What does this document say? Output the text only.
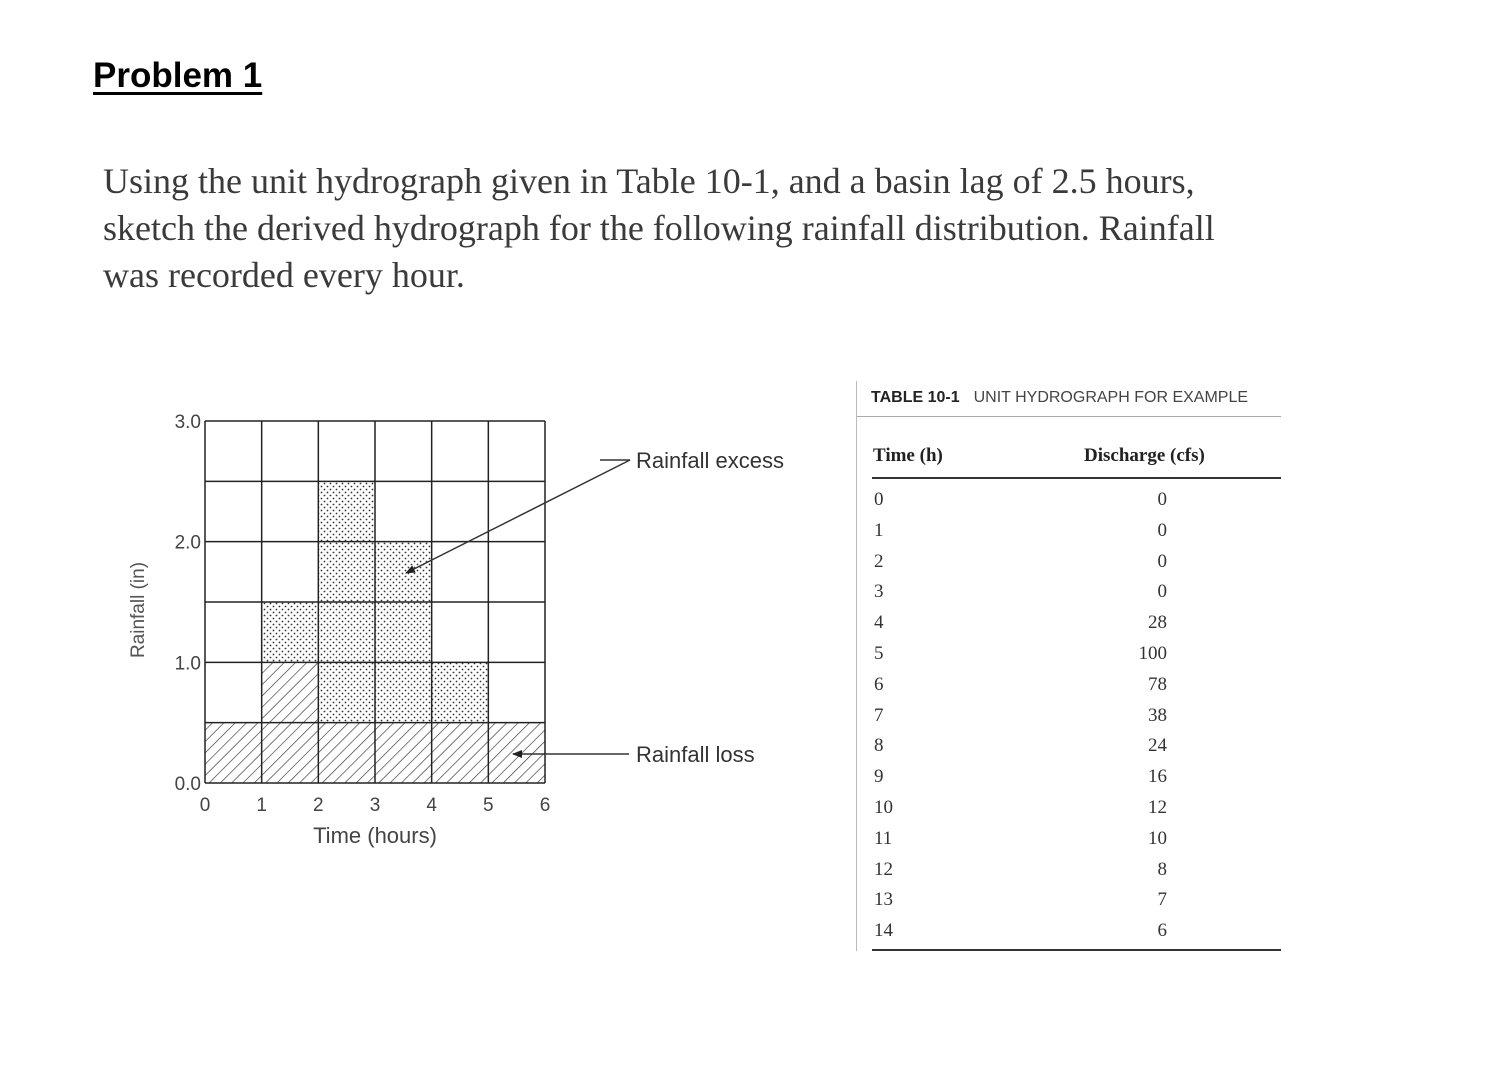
Problem 1
Using the unit hydrograph given in Table 10-1, and a basin lag of 2.5 hours,
sketch the derived hydrograph for the following rainfall distribution. Rainfall
was recorded every hour.
0.0
1.0
2.0
3.0
0 1 2 3 4 5 6
Rainfall (in)
Time (hours)
Rainfall excess
Rainfall loss
TABLE 10-1 UNIT HYDROGRAPH FOR EXAMPLE
Time (h)	Discharge (cfs)
0	0
1	0
2	0
3	0
4	28
5	100
6	78
7	38
8	24
9	16
10	12
11	10
12	8
13	7
14	6
